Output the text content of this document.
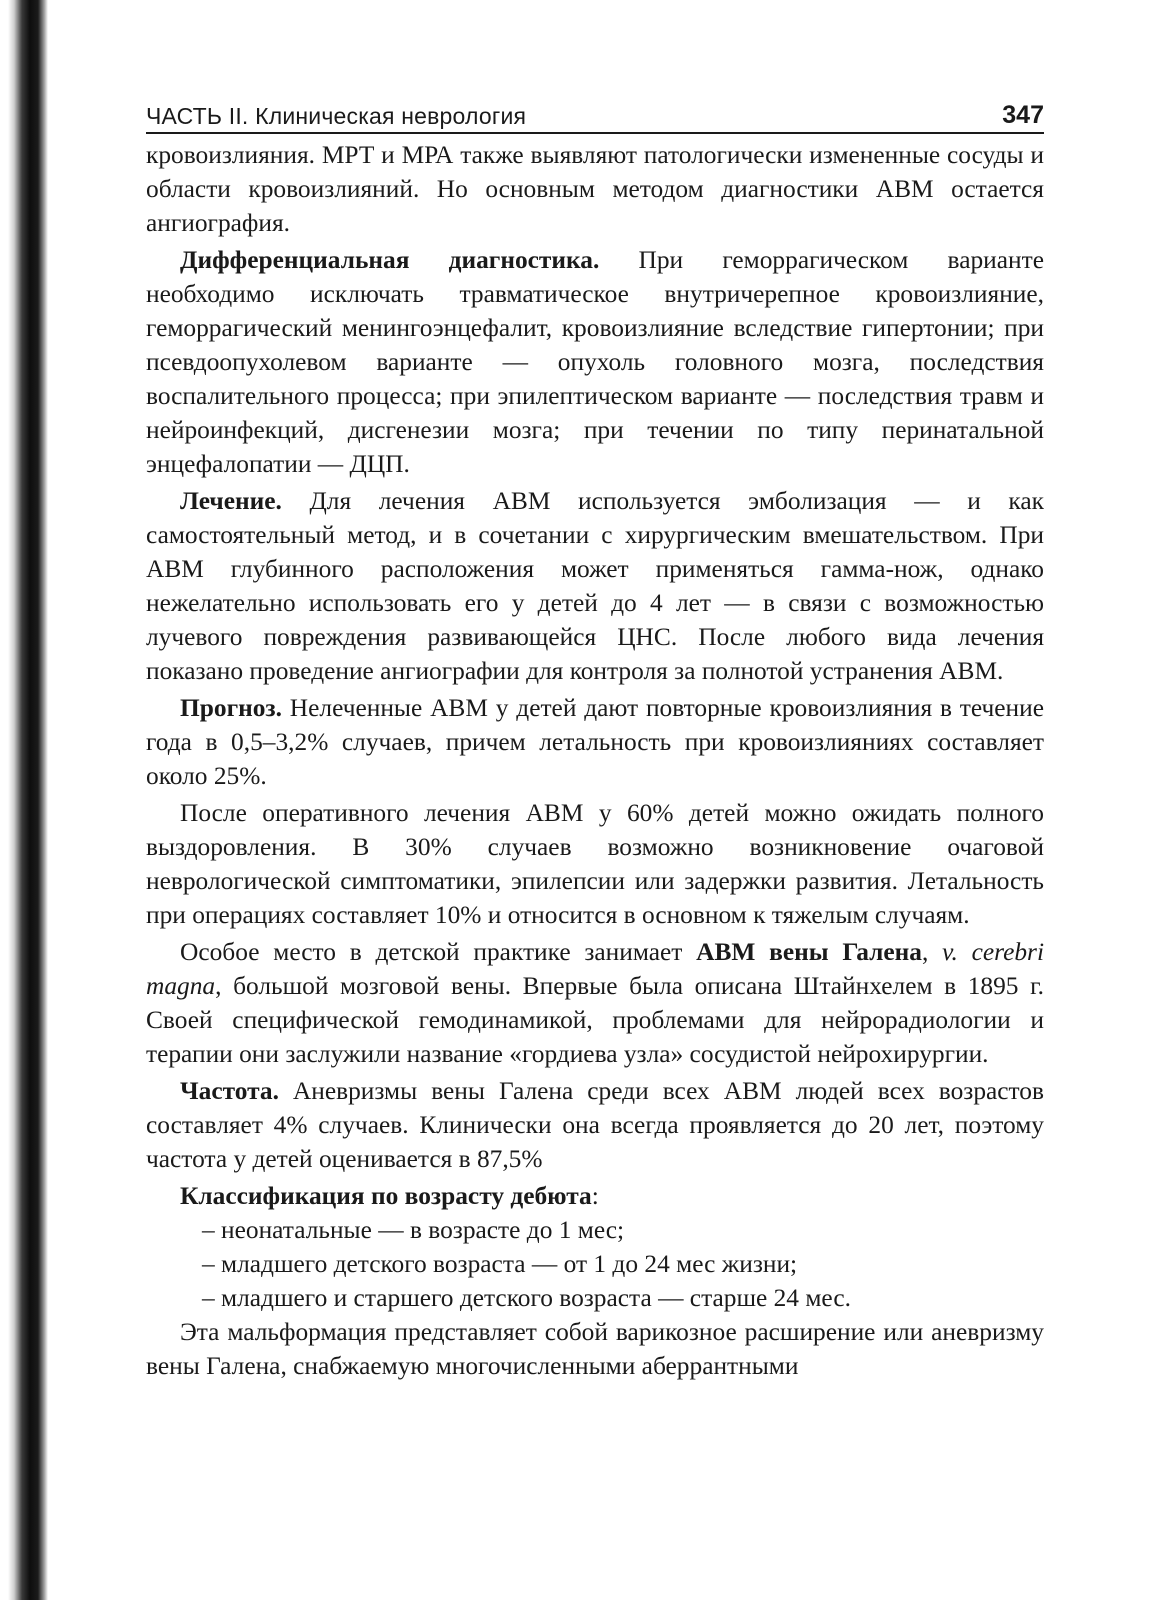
ЧАСТЬ II. Клиническая неврология	347

кровоизлияния. МРТ и МРА также выявляют патологически измененные сосуды и области кровоизлияний. Но основным методом диагностики АВМ остается ангиография.

Дифференциальная диагностика. При геморрагическом варианте необходимо исключать травматическое внутричерепное кровоизлияние, геморрагический менингоэнцефалит, кровоизлияние вследствие гипертонии; при псевдоопухолевом варианте — опухоль головного мозга, последствия воспалительного процесса; при эпилептическом варианте — последствия травм и нейроинфекций, дисгенезии мозга; при течении по типу перинатальной энцефалопатии — ДЦП.

Лечение. Для лечения АВМ используется эмболизация — и как самостоятельный метод, и в сочетании с хирургическим вмешательством. При АВМ глубинного расположения может применяться гамма-нож, однако нежелательно использовать его у детей до 4 лет — в связи с возможностью лучевого повреждения развивающейся ЦНС. После любого вида лечения показано проведение ангиографии для контроля за полнотой устранения АВМ.

Прогноз. Нелеченные АВМ у детей дают повторные кровоизлияния в течение года в 0,5–3,2% случаев, причем летальность при кровоизлияниях составляет около 25%.

После оперативного лечения АВМ у 60% детей можно ожидать полного выздоровления. В 30% случаев возможно возникновение очаговой неврологической симптоматики, эпилепсии или задержки развития. Летальность при операциях составляет 10% и относится в основном к тяжелым случаям.

Особое место в детской практике занимает АВМ вены Галена, v. cerebri magna, большой мозговой вены. Впервые была описана Штайнхелем в 1895 г. Своей специфической гемодинамикой, проблемами для нейрорадиологии и терапии они заслужили название «гордиева узла» сосудистой нейрохирургии.

Частота. Аневризмы вены Галена среди всех АВМ людей всех возрастов составляет 4% случаев. Клинически она всегда проявляется до 20 лет, поэтому частота у детей оценивается в 87,5%

Классификация по возрасту дебюта:

– неонатальные — в возрасте до 1 мес;
– младшего детского возраста — от 1 до 24 мес жизни;
– младшего и старшего детского возраста — старше 24 мес.

Эта мальформация представляет собой варикозное расширение или аневризму вены Галена, снабжаемую многочисленными аберрантными
